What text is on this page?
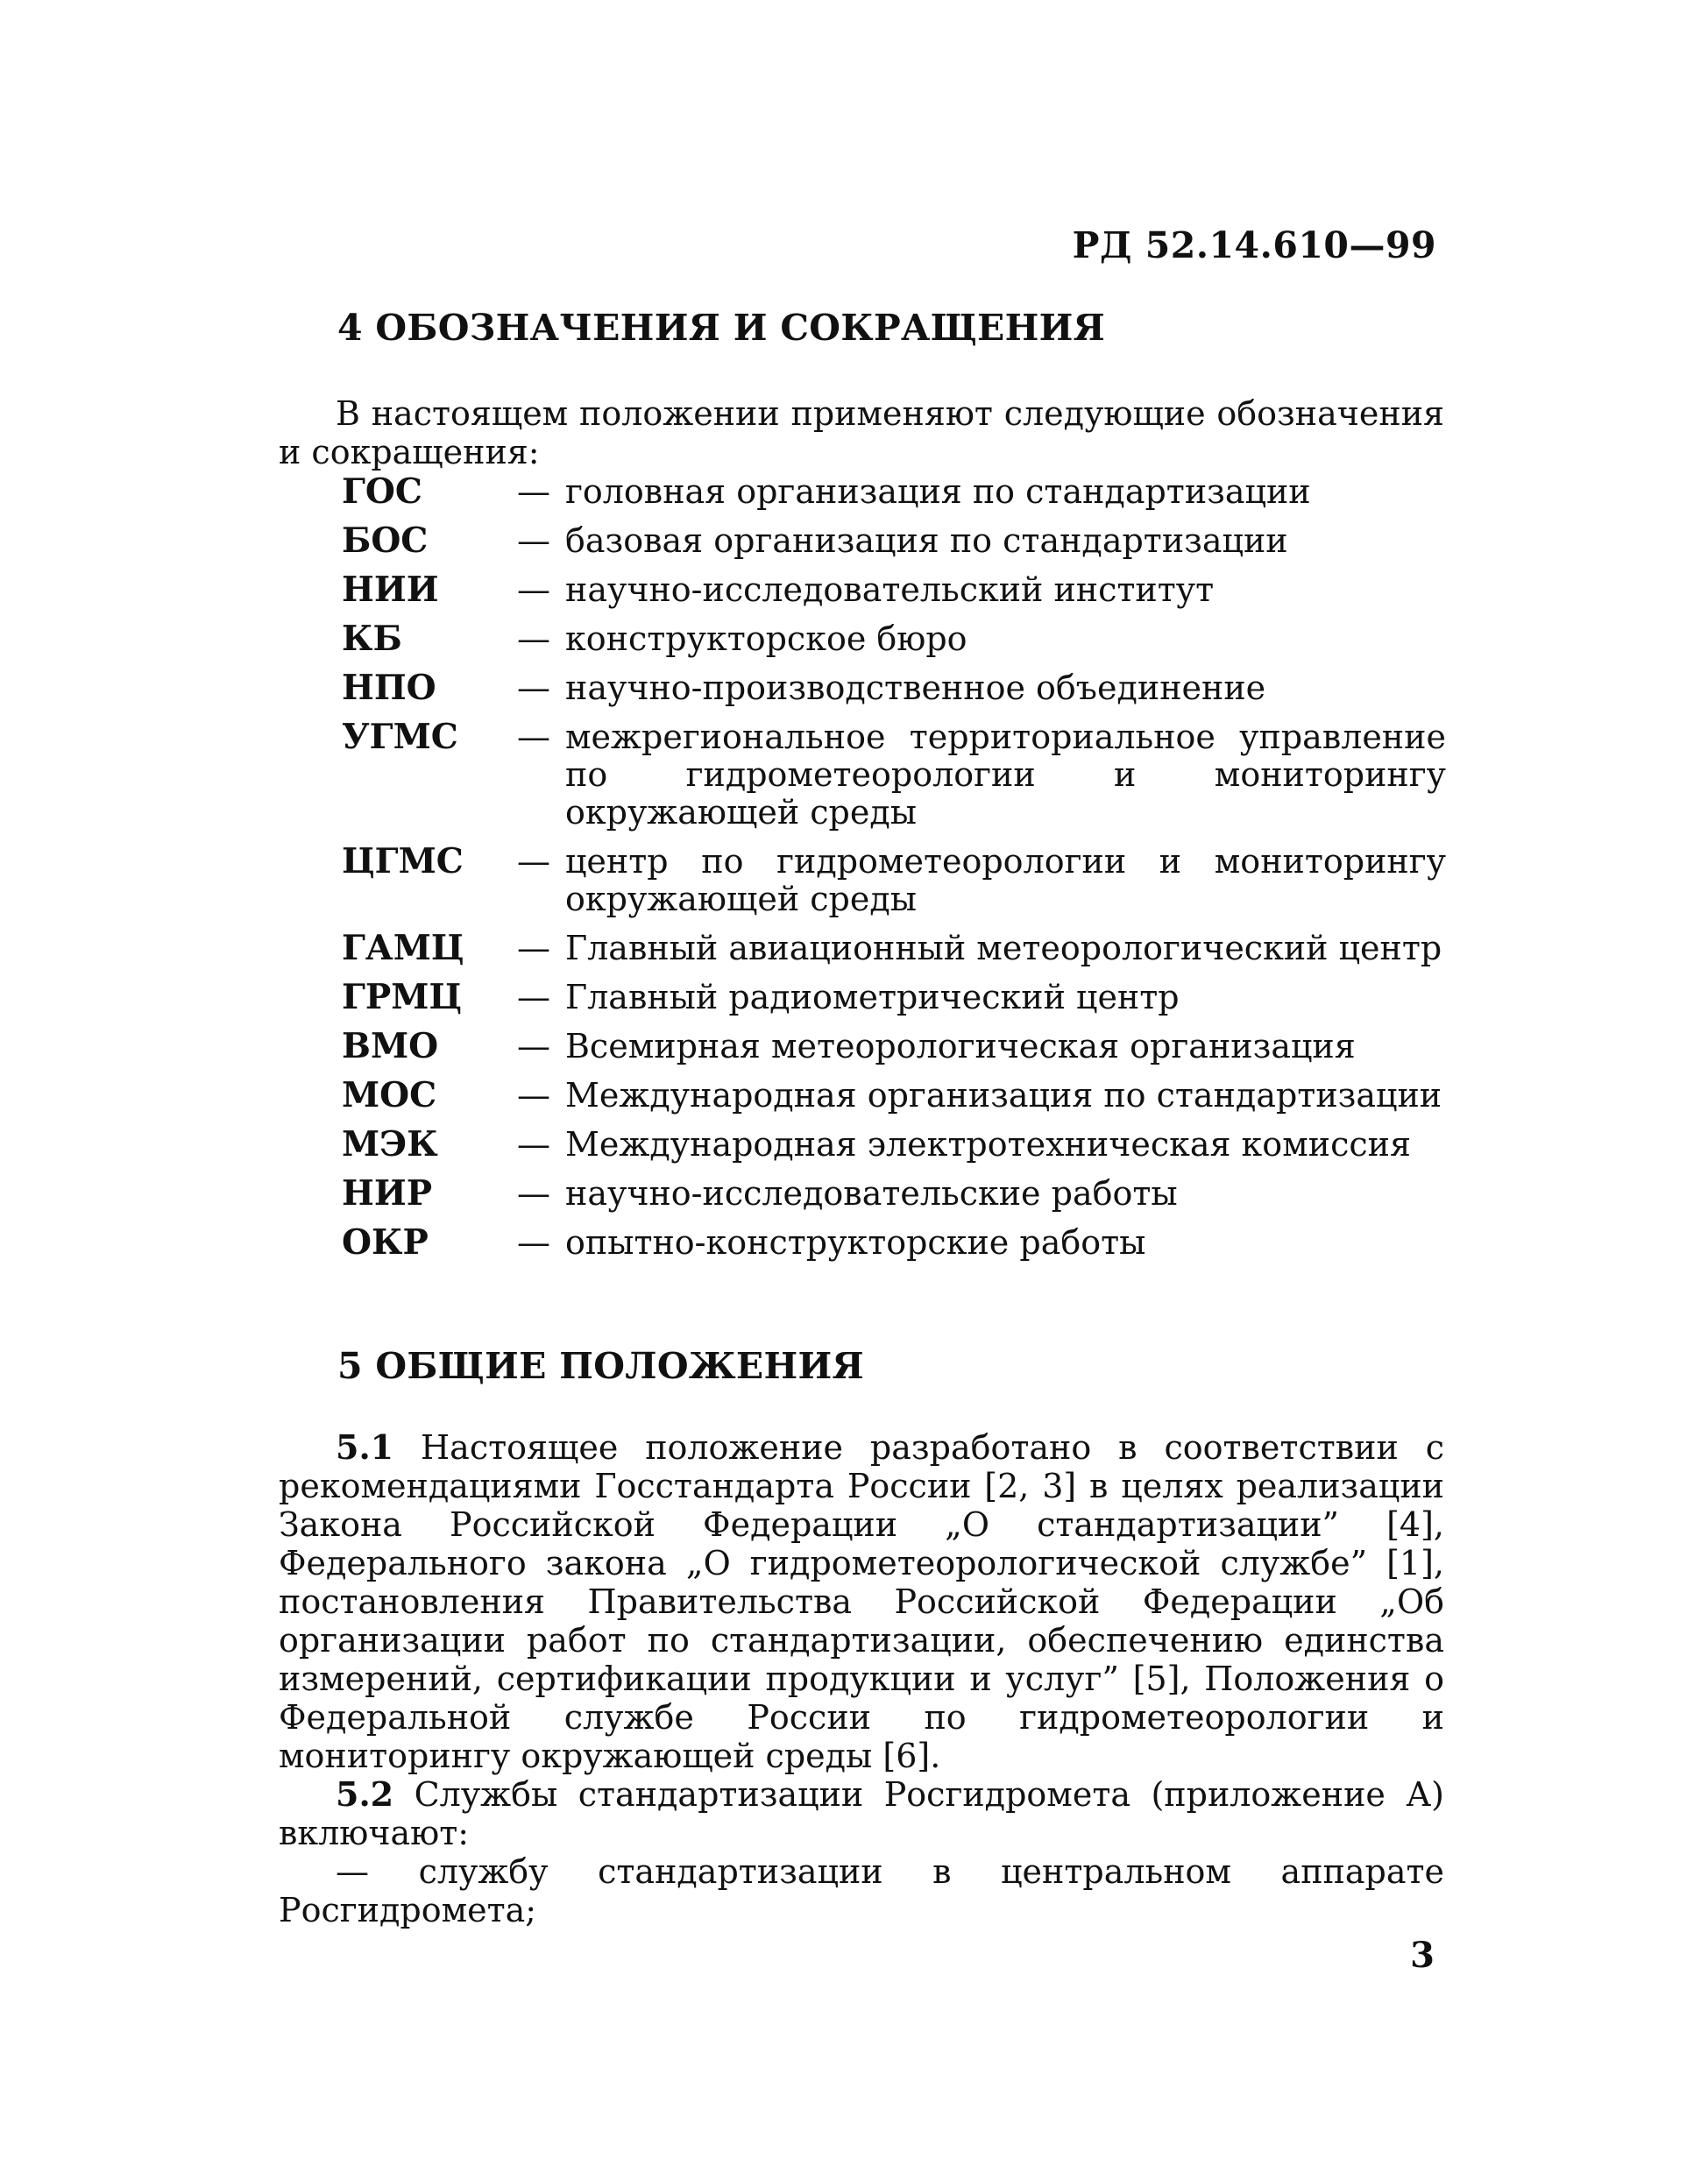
РД 52.14.610—99
4 ОБОЗНАЧЕНИЯ И СОКРАЩЕНИЯ
В настоящем положении применяют следующие обозначения и сокращения:
ГОС	— головная организация по стандартизации
БОС	— базовая организация по стандартизации
НИИ	— научно-исследовательский институт
КБ	— конструкторское бюро
НПО	— научно-производственное объединение
УГМС	— межрегиональное территориальное управление по гидрометеорологии и мониторингу окружающей среды
ЦГМС	— центр по гидрометеорологии и мониторингу окружающей среды
ГАМЦ	— Главный авиационный метеорологический центр
ГРМЦ	— Главный радиометрический центр
ВМО	— Всемирная метеорологическая организация
МОС	— Международная организация по стандартизации
МЭК	— Международная электротехническая комиссия
НИР	— научно-исследовательские работы
ОКР	— опытно-конструкторские работы
5 ОБЩИЕ ПОЛОЖЕНИЯ

5.1 Настоящее положение разработано в соответствии с рекомендациями Госстандарта России [2, 3] в целях реализации Закона Российской Федерации „О стандартизации” [4], Федерального закона „О гидрометеорологической службе” [1], постановления Правительства Российской Федерации „Об организации работ по стандартизации, обеспечению единства измерений, сертификации продукции и услуг” [5], Положения о Федеральной службе России по гидрометеорологии и мониторингу окружающей среды [6].

5.2 Службы стандартизации Росгидромета (приложение А) включают:

— службу стандартизации в центральном аппарате Росгидромета;

3
